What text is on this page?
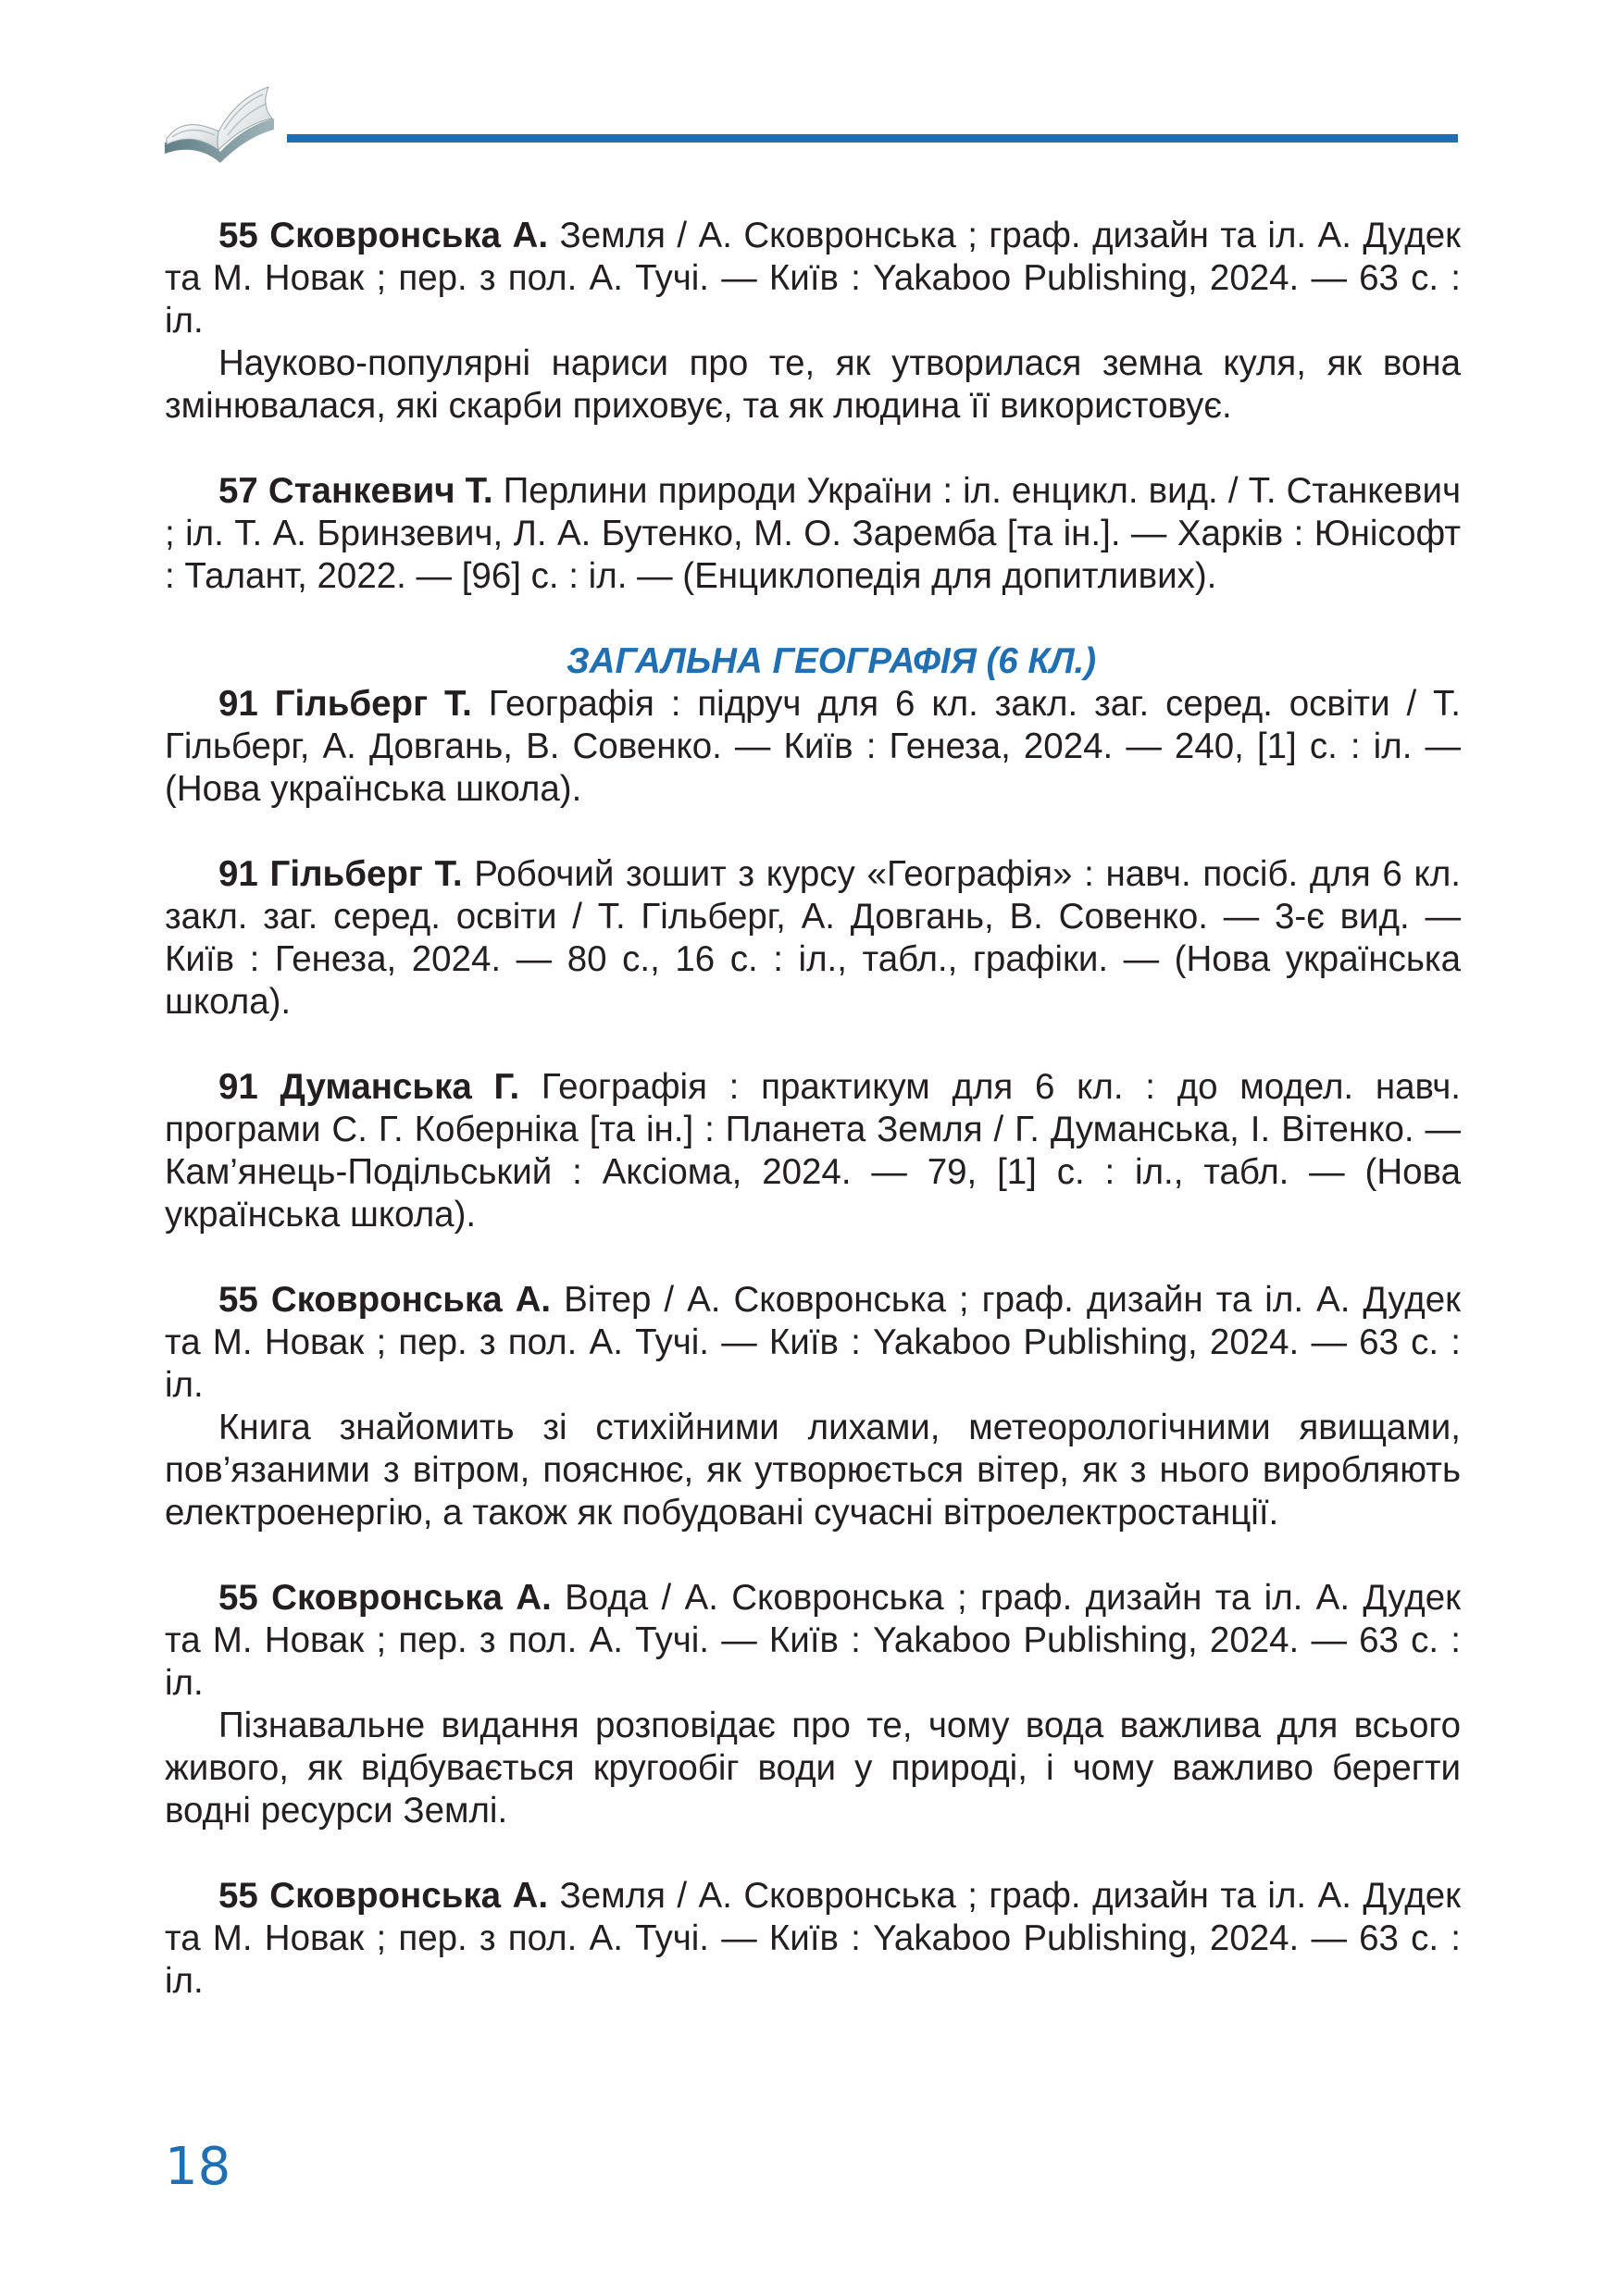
55 Сковронська А. Земля / А. Сковронська ; граф. дизайн та іл. А. Дудек та М. Новак ; пер. з пол. А. Тучі. — Київ : Yakaboo Publishing, 2024. — 63 с. : іл.

Науково-популярні нариси про те, як утворилася земна куля, як вона змінювалася, які скарби приховує, та як людина її використовує.

57 Станкевич Т. Перлини природи України : іл. енцикл. вид. / Т. Станкевич ; іл. Т. А. Бринзевич, Л. А. Бутенко, М. О. Заремба [та ін.]. — Харків : Юнісофт : Талант, 2022. — [96] с. : іл. — (Енциклопедія для допитливих).

ЗАГАЛЬНА ГЕОГРАФІЯ (6 КЛ.)

91 Гільберг Т. Географія : підруч для 6 кл. закл. заг. серед. освіти / Т. Гільберг, А. Довгань, В. Совенко. — Київ : Генеза, 2024. — 240, [1] с. : іл. — (Нова українська школа).

91 Гільберг Т. Робочий зошит з курсу «Географія» : навч. посіб. для 6 кл. закл. заг. серед. освіти / Т. Гільберг, А. Довгань, В. Совенко. — 3-є вид. — Київ : Генеза, 2024. — 80 с., 16 с. : іл., табл., графіки. — (Нова українська школа).

91 Думанська Г. Географія : практикум для 6 кл. : до модел. навч. програми С. Г. Коберніка [та ін.] : Планета Земля / Г. Думанська, І. Вітенко. — Кам’янець-Подільський : Аксіома, 2024. — 79, [1] с. : іл., табл. — (Нова українська школа).

55 Сковронська А. Вітер / А. Сковронська ; граф. дизайн та іл. А. Дудек та М. Новак ; пер. з пол. А. Тучі. — Київ : Yakaboo Publishing, 2024. — 63 с. : іл.

Книга знайомить зі стихійними лихами, метеорологічними явищами, пов’язаними з вітром, пояснює, як утворюється вітер, як з нього виробляють електроенергію, а також як побудовані сучасні вітроелектростанції.

55 Сковронська А. Вода / А. Сковронська ; граф. дизайн та іл. А. Дудек та М. Новак ; пер. з пол. А. Тучі. — Київ : Yakaboo Publishing, 2024. — 63 с. : іл.

Пізнавальне видання розповідає про те, чому вода важлива для всього живого, як відбувається кругообіг води у природі, і чому важливо берегти водні ресурси Землі.

55 Сковронська А. Земля / А. Сковронська ; граф. дизайн та іл. А. Дудек та М. Новак ; пер. з пол. А. Тучі. — Київ : Yakaboo Publishing, 2024. — 63 с. : іл.

18
